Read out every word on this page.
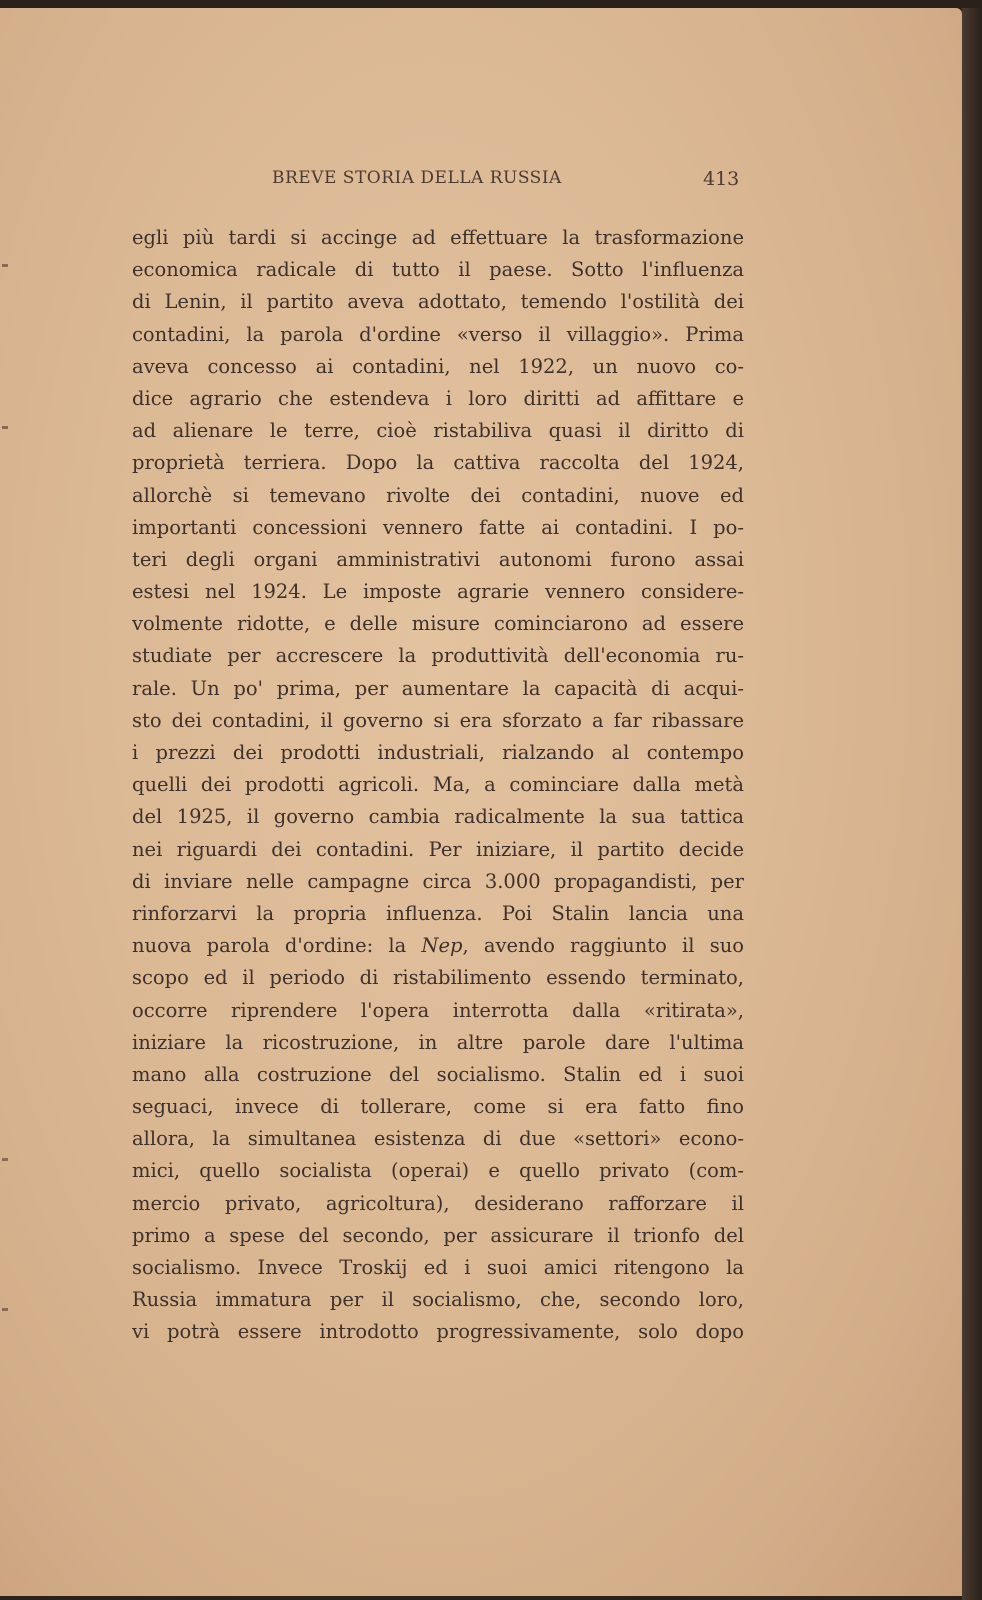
BREVE STORIA DELLA RUSSIA	413
egli più tardi si accinge ad effettuare la trasformazione
economica radicale di tutto il paese. Sotto l'influenza
di Lenin, il partito aveva adottato, temendo l'ostilità dei
contadini, la parola d'ordine «verso il villaggio». Prima
aveva concesso ai contadini, nel 1922, un nuovo co-
dice agrario che estendeva i loro diritti ad affittare e
ad alienare le terre, cioè ristabiliva quasi il diritto di
proprietà terriera. Dopo la cattiva raccolta del 1924,
allorchè si temevano rivolte dei contadini, nuove ed
importanti concessioni vennero fatte ai contadini. I po-
teri degli organi amministrativi autonomi furono assai
estesi nel 1924. Le imposte agrarie vennero considere-
volmente ridotte, e delle misure cominciarono ad essere
studiate per accrescere la produttività dell'economia ru-
rale. Un po' prima, per aumentare la capacità di acqui-
sto dei contadini, il governo si era sforzato a far ribassare
i prezzi dei prodotti industriali, rialzando al contempo
quelli dei prodotti agricoli. Ma, a cominciare dalla metà
del 1925, il governo cambia radicalmente la sua tattica
nei riguardi dei contadini. Per iniziare, il partito decide
di inviare nelle campagne circa 3.000 propagandisti, per
rinforzarvi la propria influenza. Poi Stalin lancia una
nuova parola d'ordine: la Nep, avendo raggiunto il suo
scopo ed il periodo di ristabilimento essendo terminato,
occorre riprendere l'opera interrotta dalla «ritirata»,
iniziare la ricostruzione, in altre parole dare l'ultima
mano alla costruzione del socialismo. Stalin ed i suoi
seguaci, invece di tollerare, come si era fatto fino
allora, la simultanea esistenza di due «settori» econo-
mici, quello socialista (operai) e quello privato (com-
mercio privato, agricoltura), desiderano rafforzare il
primo a spese del secondo, per assicurare il trionfo del
socialismo. Invece Troskij ed i suoi amici ritengono la
Russia immatura per il socialismo, che, secondo loro,
vi potrà essere introdotto progressivamente, solo dopo
